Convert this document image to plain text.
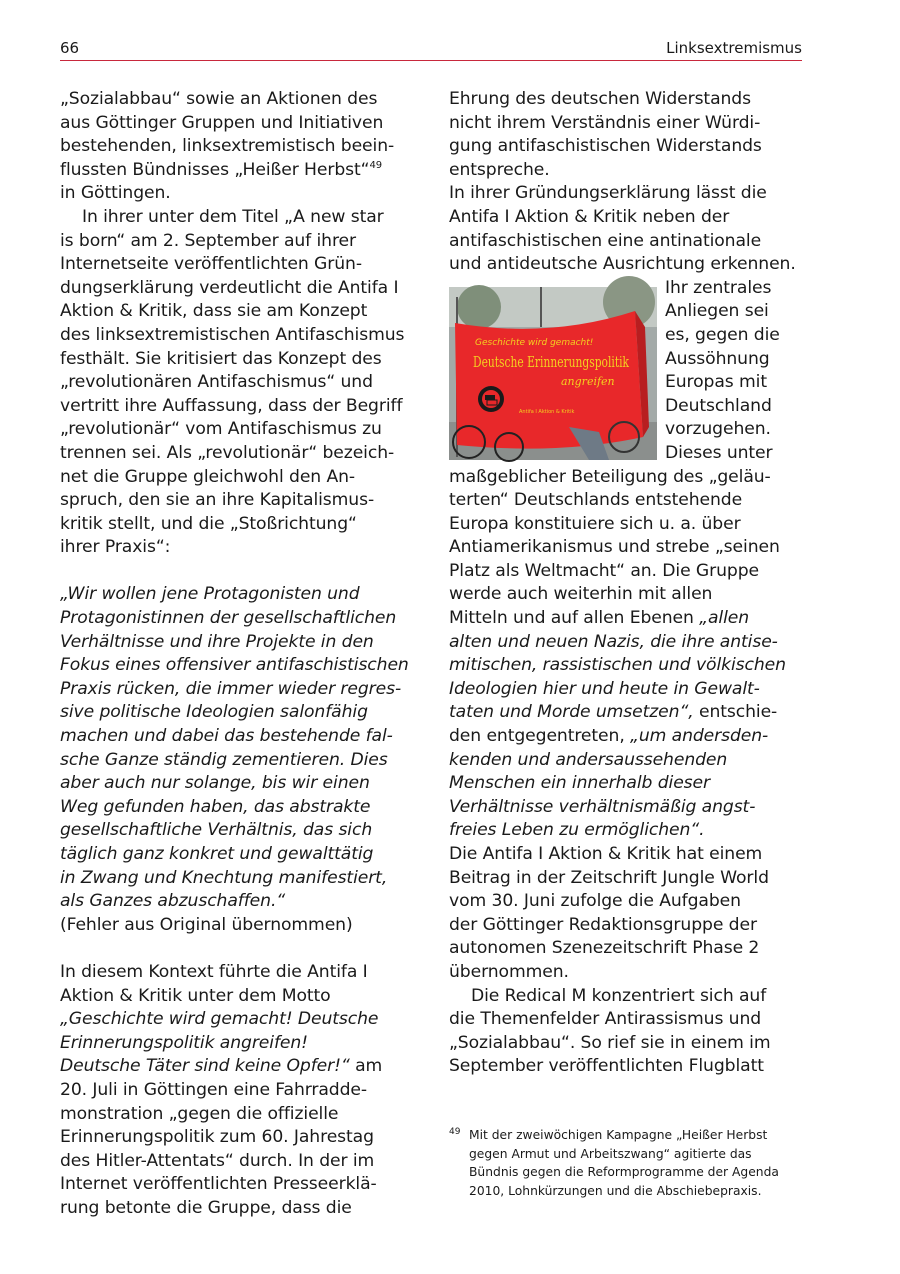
66	Linksextremismus

„Sozialabbau“ sowie an Aktionen des
aus Göttinger Gruppen und Initiativen
bestehenden, linksextremistisch beein-
flussten Bündnisses „Heißer Herbst“$^{49}$
in Göttingen.

In ihrer unter dem Titel „A new star
is born“ am 2. September auf ihrer
Internetseite veröffentlichten Grün-
dungserklärung verdeutlicht die Antifa I
Aktion & Kritik, dass sie am Konzept
des linksextremistischen Antifaschismus
festhält. Sie kritisiert das Konzept des
„revolutionären Antifaschismus“ und
vertritt ihre Auffassung, dass der Begriff
„revolutionär“ vom Antifaschismus zu
trennen sei. Als „revolutionär“ bezeich-
net die Gruppe gleichwohl den An-
spruch, den sie an ihre Kapitalismus-
kritik stellt, und die „Stoßrichtung“
ihrer Praxis“:

„Wir wollen jene Protagonisten und
Protagonistinnen der gesellschaftlichen
Verhältnisse und ihre Projekte in den
Fokus eines offensiver antifaschistischen
Praxis rücken, die immer wieder regres-
sive politische Ideologien salonfähig
machen und dabei das bestehende fal-
sche Ganze ständig zementieren. Dies
aber auch nur solange, bis wir einen
Weg gefunden haben, das abstrakte
gesellschaftliche Verhältnis, das sich
täglich ganz konkret und gewalttätig
in Zwang und Knechtung manifestiert,
als Ganzes abzuschaffen.“

(Fehler aus Original übernommen)

In diesem Kontext führte die Antifa I
Aktion & Kritik unter dem Motto
„Geschichte wird gemacht! Deutsche
Erinnerungspolitik angreifen!
Deutsche Täter sind keine Opfer!“ am
20. Juli in Göttingen eine Fahrradde-
monstration „gegen die offizielle
Erinnerungspolitik zum 60. Jahrestag
des Hitler-Attentats“ durch. In der im
Internet veröffentlichten Presseerklä-
rung betonte die Gruppe, dass die

Geschichte wird gemacht!
Deutsche Erinnerungspolitik
angreifen
Antifa I Aktion & Kritik

Ehrung des deutschen Widerstands
nicht ihrem Verständnis einer Würdi-
gung antifaschistischen Widerstands
entspreche.
In ihrer Gründungserklärung lässt die
Antifa I Aktion & Kritik neben der
antifaschistischen eine antinationale
und antideutsche Ausrichtung erkennen.

Ihr zentrales
Anliegen sei
es, gegen die
Aussöhnung
Europas mit
Deutschland
vorzugehen.
Dieses unter
maßgeblicher Beteiligung des „geläu-
terten“ Deutschlands entstehende
Europa konstituiere sich u. a. über
Antiamerikanismus und strebe „seinen
Platz als Weltmacht“ an. Die Gruppe
werde auch weiterhin mit allen
Mitteln und auf allen Ebenen „allen
alten und neuen Nazis, die ihre antise-
mitischen, rassistischen und völkischen
Ideologien hier und heute in Gewalt-
taten und Morde umsetzen“, entschie-
den entgegentreten, „um andersden-
kenden und andersaussehenden
Menschen ein innerhalb dieser
Verhältnisse verhältnismäßig angst-
freies Leben zu ermöglichen“.

Die Antifa I Aktion & Kritik hat einem
Beitrag in der Zeitschrift Jungle World
vom 30. Juni zufolge die Aufgaben
der Göttinger Redaktionsgruppe der
autonomen Szenezeitschrift Phase 2
übernommen.

Die Redical M konzentriert sich auf
die Themenfelder Antirassismus und
„Sozialabbau“. So rief sie in einem im
September veröffentlichten Flugblatt

49 Mit der zweiwöchigen Kampagne „Heißer Herbst
gegen Armut und Arbeitszwang“ agitierte das
Bündnis gegen die Reformprogramme der Agenda
2010, Lohnkürzungen und die Abschiebepraxis.
